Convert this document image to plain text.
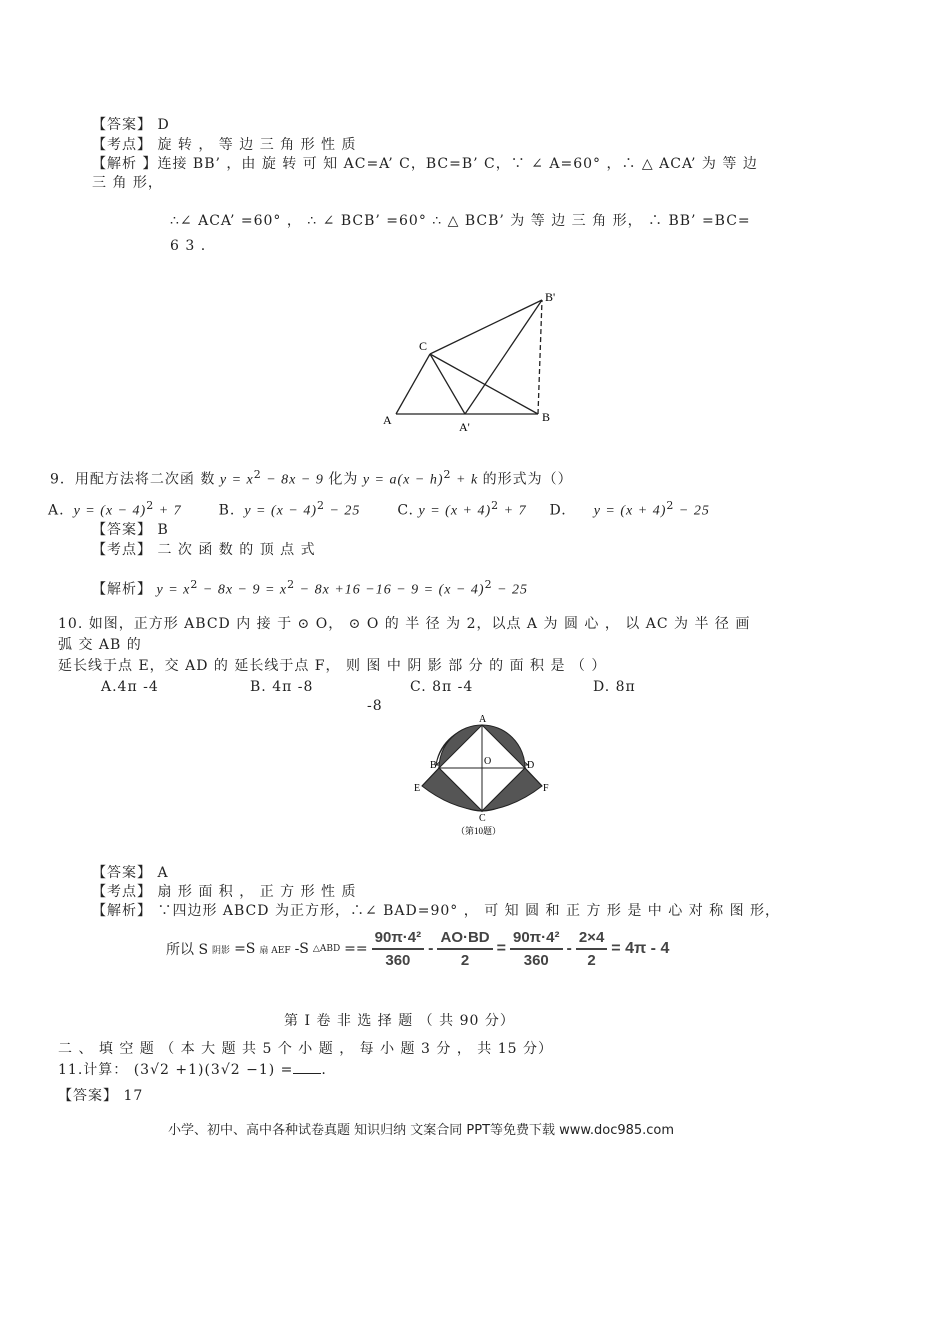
【答案】 D
【考点】 旋 转 ， 等 边 三 角 形 性 质
【解析 】连接 BB’ ，由 旋 转 可 知 AC=A’ C，BC=B’ C，∵ ∠ A=60° ，∴ △ ACA’ 为 等 边
三 角 形，
∴∠ ACA’ =60° ， ∴ ∠ BCB’ =60° ∴ △ BCB’ 为 等 边 三 角 形， ∴ BB’ =BC=
6 3 .
B'
C
A	A'
B
9．用配方法将二次函 数 $y = x^2 - 8x - 9$ 化为 $y = a(x - h)^2 + k$ 的形式为（）
A.  $y = (x - 4)^2 + 7$	B.  $y = (x - 4)^2 - 25$	C. $y = (x + 4)^2 + 7$ D.      $y = (x + 4)^2 - 25$
【答案】 B
【考点】 二 次 函 数 的 顶 点 式
【解析】 $y = x^2 - 8x - 9 = x^2 - 8x +16 -16 - 9 = (x - 4)^2 - 25$
10. 如图，正方形 ABCD 内 接 于 ⊙ O， ⊙ O 的 半 径 为 2，以点 A 为 圆 心 ， 以 AC 为 半 径 画
弧 交 AB 的
延长线于点 E，交 AD 的 延长线于点 F， 则 图 中 阴 影 部 分 的 面 积 是 （ ）
A.4π -4	B. 4π -8	C. 8π -4	D. 8π
-8
A
B	O	D
E	F
C
（第10题）
【答案】 A
【考点】 扇 形 面 积 ， 正 方 形 性 质
【解析】 ∵四边形 ABCD 为正方形，∴∠ BAD=90° ， 可 知 圆 和 正 方 形 是 中 心 对 称 图 形，
所以 S 阴影 =S 扇 AEF -S △ABD == $\frac{\text{90π·4²}}{360} - \frac{AO\cdot BD}{2} = \frac{\text{90π·4²}}{360} - \frac{2\times 4}{2} = 4\pi - 4$
第 I 卷 非 选 择 题 （ 共 90 分）
二 、 填 空 题 （ 本 大 题 共 5 个 小 题 ， 每 小 题 3 分 ， 共 15 分）
11.计算： (3√2 +1)(3√2 −1) = .
【答案】 17
小学、初中、高中各种试卷真题 知识归纳 文案合同 PPT等免费下载 www.doc985.com
